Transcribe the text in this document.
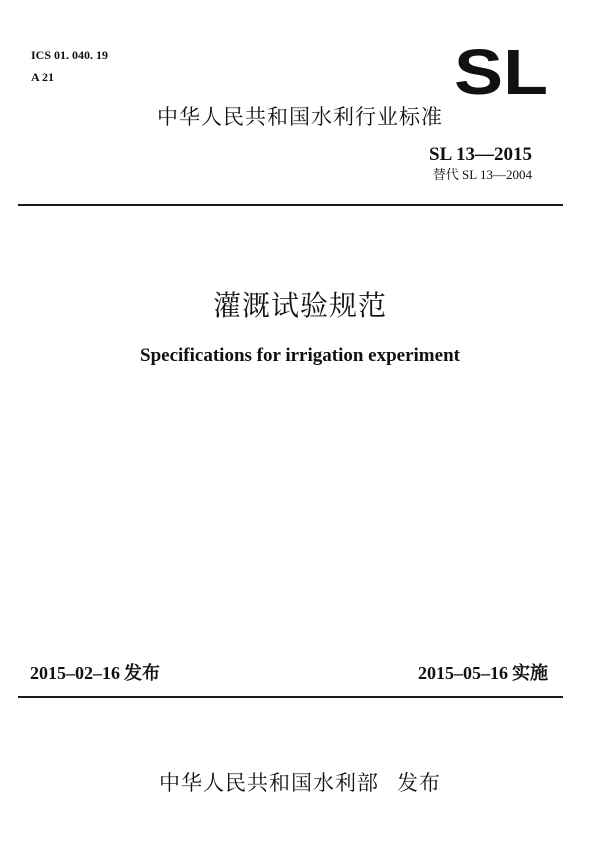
ICS 01. 040. 19
A 21	SL
中华人民共和国水利行业标准
SL 13—2015
替代 SL 13—2004
灌溉试验规范
Specifications for irrigation experiment
2015–02–16 发布	2015–05–16 实施
中华人民共和国水利部 发布
